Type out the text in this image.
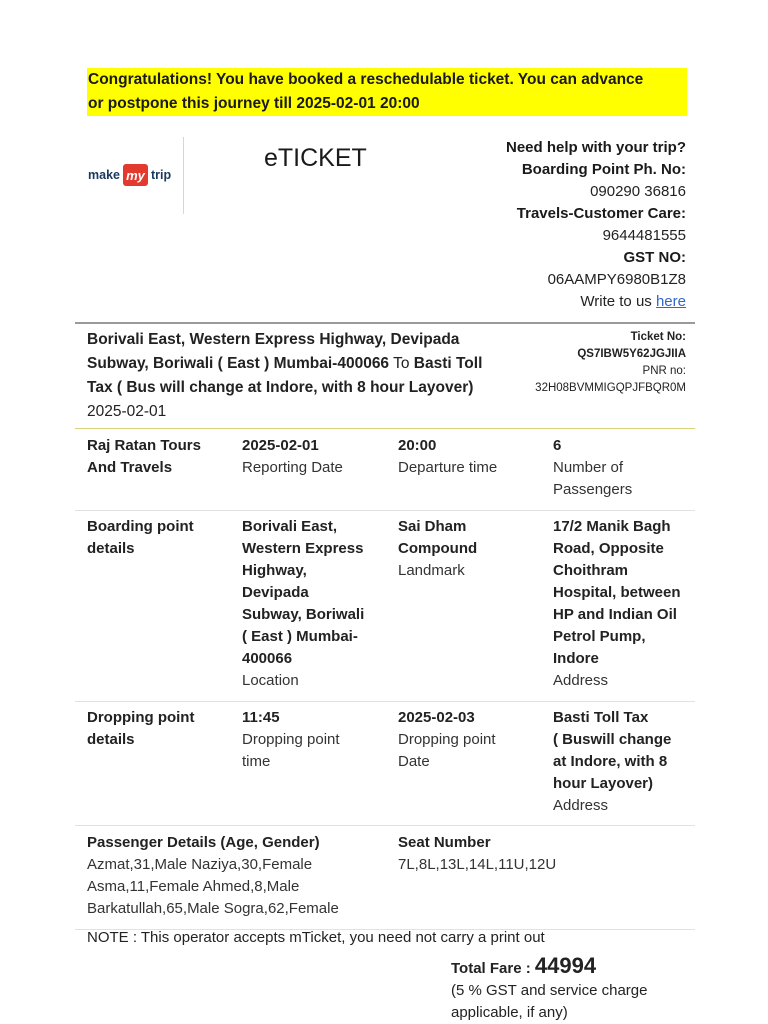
Congratulations! You have booked a reschedulable ticket. You can advance
or postpone this journey till 2025-02-01 20:00
make my trip
eTICKET	Need help with your trip?
Boarding Point Ph. No:
090290 36816
Travels-Customer Care:
9644481555
GST NO:
06AAMPY6980B1Z8
Write to us here
Borivali East, Western Express Highway, Devipada Subway, Boriwali ( East ) Mumbai-400066 To Basti Toll Tax ( Bus will change at Indore, with 8 hour Layover) 2025-02-01
Ticket No:
QS7IBW5Y62JGJIIA
PNR no:
32H08BVMMIGQPJFBQR0M
Raj Ratan Tours
And Travels
2025-02-01
Reporting Date
20:00
Departure time
6
Number of
Passengers
Boarding point
details
Borivali East,
Western Express
Highway,
Devipada
Subway, Boriwali
( East ) Mumbai-
400066
Location
Sai Dham
Compound
Landmark
17/2 Manik Bagh
Road, Opposite
Choithram
Hospital, between
HP and Indian Oil
Petrol Pump,
Indore
Address
Dropping point
details
11:45
Dropping point
time
2025-02-03
Dropping point
Date
Basti Toll Tax
( Buswill change
at Indore, with 8
hour Layover)
Address
Passenger Details (Age, Gender)
Azmat,31,Male Naziya,30,Female
Asma,11,Female Ahmed,8,Male
Barkatullah,65,Male Sogra,62,Female
Seat Number
7L,8L,13L,14L,11U,12U
NOTE : This operator accepts mTicket, you need not carry a print out
Total Fare : 44994
(5 % GST and service charge
applicable, if any)
